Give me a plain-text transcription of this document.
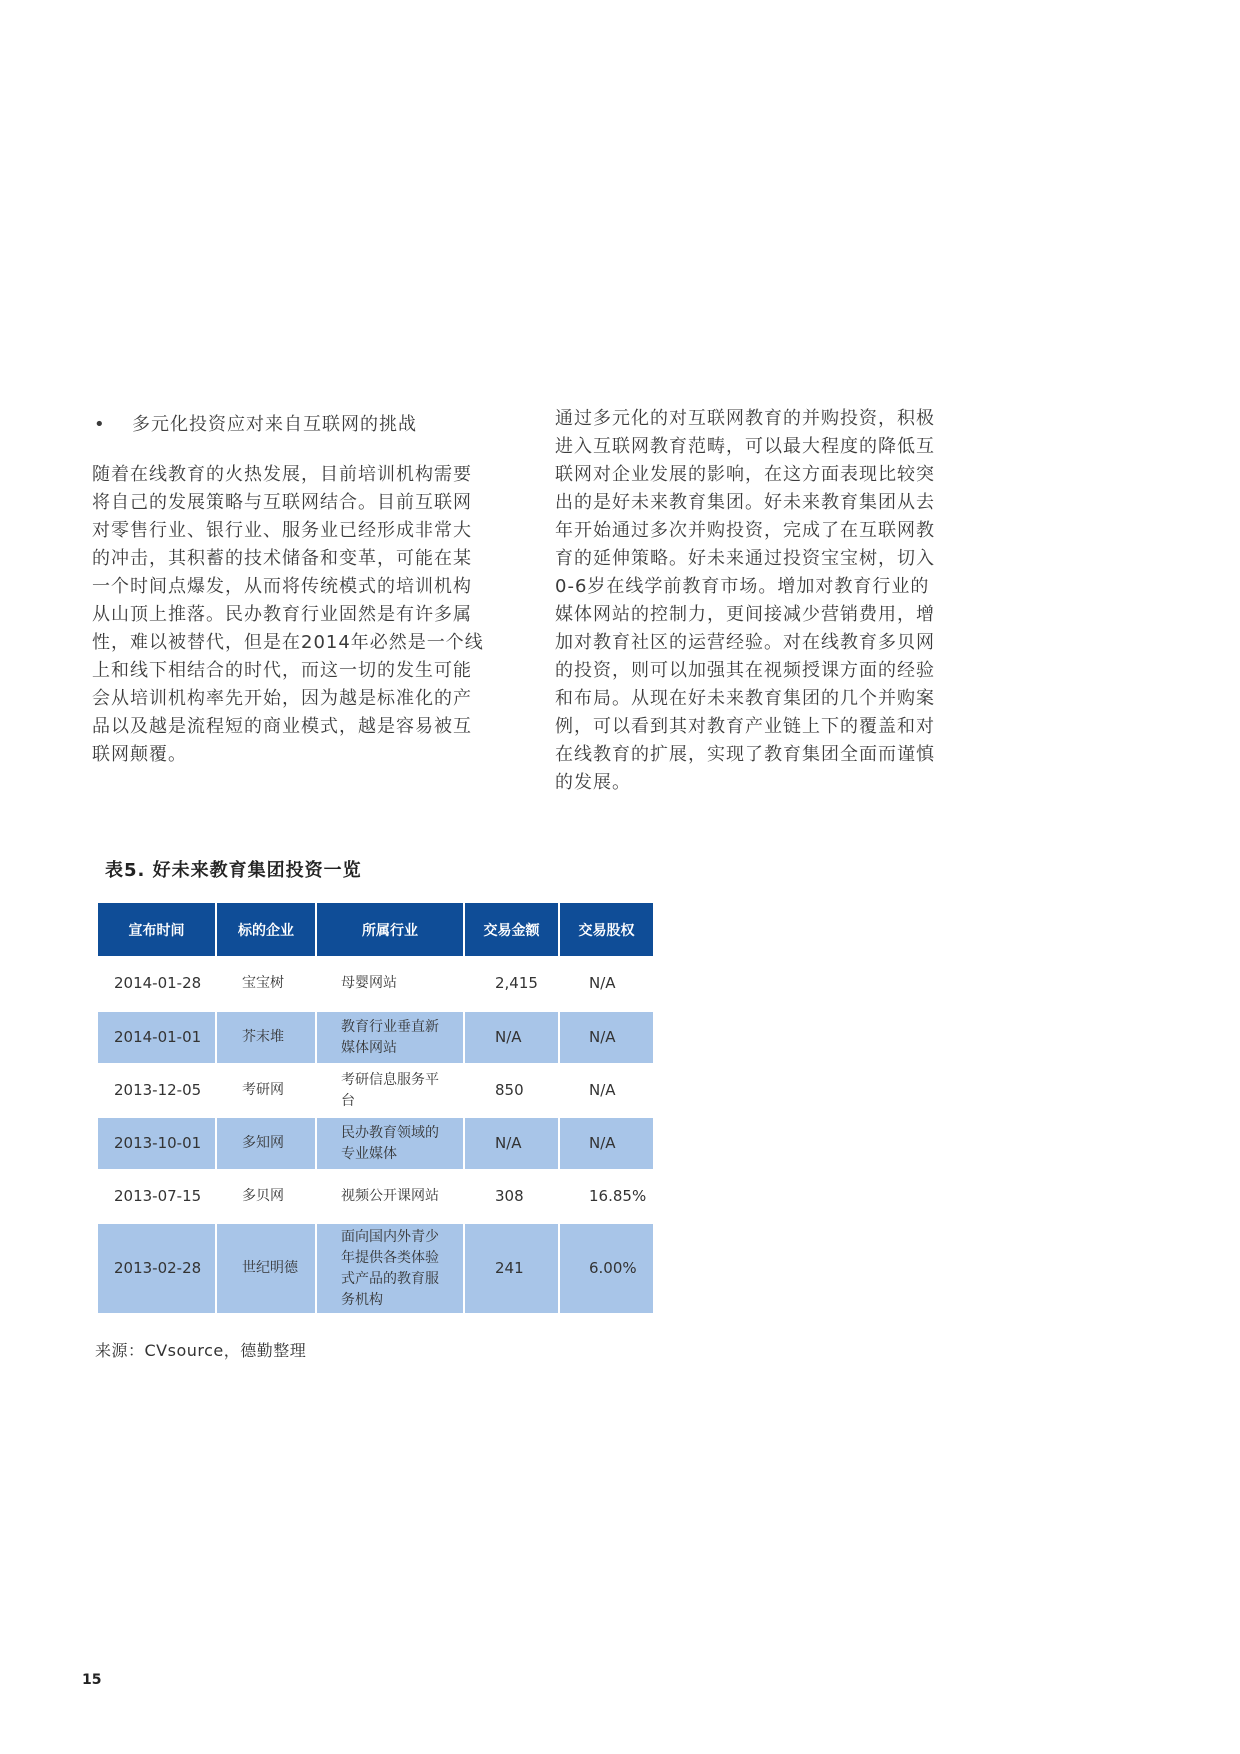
• 多元化投资应对来自互联网的挑战
随着在线教育的火热发展，目前培训机构需要
将自己的发展策略与互联网结合。目前互联网
对零售行业、银行业、服务业已经形成非常大
的冲击，其积蓄的技术储备和变革，可能在某
一个时间点爆发，从而将传统模式的培训机构
从山顶上推落。民办教育行业固然是有许多属
性，难以被替代，但是在2014年必然是一个线
上和线下相结合的时代，而这一切的发生可能
会从培训机构率先开始，因为越是标准化的产
品以及越是流程短的商业模式，越是容易被互
联网颠覆。
通过多元化的对互联网教育的并购投资，积极
进入互联网教育范畴，可以最大程度的降低互
联网对企业发展的影响，在这方面表现比较突
出的是好未来教育集团。好未来教育集团从去
年开始通过多次并购投资，完成了在互联网教
育的延伸策略。好未来通过投资宝宝树，切入
0-6岁在线学前教育市场。增加对教育行业的
媒体网站的控制力，更间接减少营销费用，增
加对教育社区的运营经验。对在线教育多贝网
的投资，则可以加强其在视频授课方面的经验
和布局。从现在好未来教育集团的几个并购案
例，可以看到其对教育产业链上下的覆盖和对
在线教育的扩展，实现了教育集团全面而谨慎
的发展。
表5. 好未来教育集团投资一览
宣布时间	标的企业	所属行业	交易金额	交易股权
2014-01-28	宝宝树	母婴网站	2,415	N/A
2014-01-01	芥末堆	教育行业垂直新
媒体网站	N/A	N/A
2013-12-05	考研网	考研信息服务平
台	850	N/A
2013-10-01	多知网	民办教育领域的
专业媒体	N/A	N/A
2013-07-15	多贝网	视频公开课网站	308	16.85%
2013-02-28	世纪明德	面向国内外青少
年提供各类体验
式产品的教育服
务机构	241	6.00%
来源：CVsource，德勤整理
15
